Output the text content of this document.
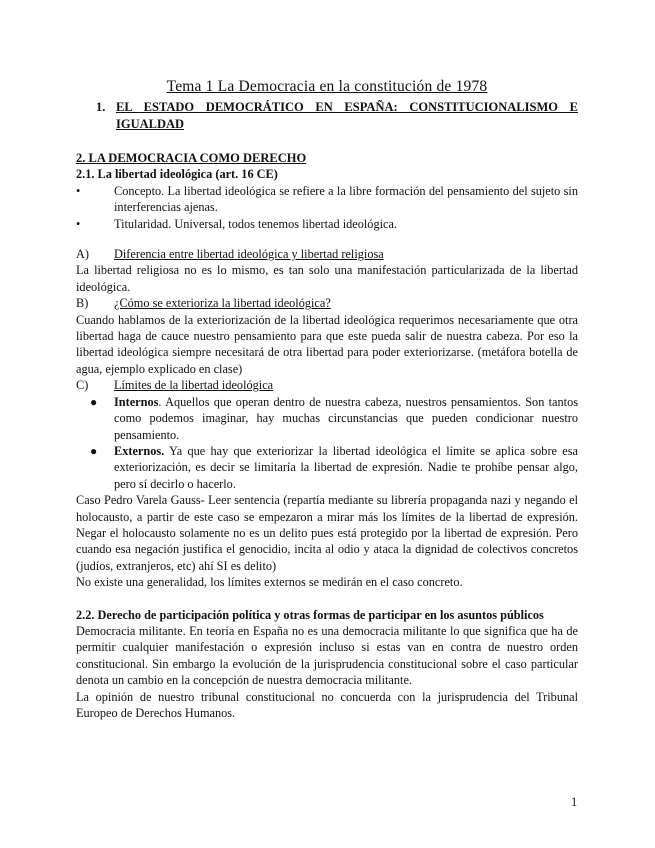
Tema 1 La Democracia en la constitución de 1978
1. EL ESTADO DEMOCRÁTICO EN ESPAÑA: CONSTITUCIONALISMO E IGUALDAD

2. LA DEMOCRACIA COMO DERECHO

2.1. La libertad ideológica (art. 16 CE)

•	Concepto. La libertad ideológica se refiere a la libre formación del pensamiento del sujeto sin interferencias ajenas.

•	Titularidad. Universal, todos tenemos libertad ideológica.

A) Diferencia entre libertad ideológica y libertad religiosa

La libertad religiosa no es lo mismo, es tan solo una manifestación particularizada de la libertad ideológica.

B) ¿Cómo se exterioriza la libertad ideológica?

Cuando hablamos de la exteriorización de la libertad ideológica requerimos necesariamente que otra libertad haga de cauce nuestro pensamiento para que este pueda salir de nuestra cabeza. Por eso la libertad ideológica siempre necesitará de otra libertad para poder exteriorizarse. (metáfora botella de agua, ejemplo explicado en clase)

C) Límites de la libertad ideológica

● Internos. Aquellos que operan dentro de nuestra cabeza, nuestros pensamientos. Son tantos como podemos imaginar, hay muchas circunstancias que pueden condicionar nuestro pensamiento.

● Externos. Ya que hay que exteriorizar la libertad ideológica el límite se aplica sobre esa exteriorización, es decir se limitaría la libertad de expresión. Nadie te prohíbe pensar algo, pero sí decirlo o hacerlo.

Caso Pedro Varela Gauss- Leer sentencia (repartía mediante su librería propaganda nazi y negando el holocausto, a partir de este caso se empezaron a mirar más los límites de la libertad de expresión. Negar el holocausto solamente no es un delito pues está protegido por la libertad de expresión. Pero cuando esa negación justifica el genocidio, incita al odio y ataca la dignidad de colectivos concretos (judíos, extranjeros, etc) ahí SI es delito)

No existe una generalidad, los límites externos se medirán en el caso concreto.

2.2. Derecho de participación política y otras formas de participar en los asuntos públicos

Democracia militante. En teoría en España no es una democracia militante lo que significa que ha de permitir cualquier manifestación o expresión incluso si estas van en contra de nuestro orden constitucional. Sin embargo la evolución de la jurisprudencia constitucional sobre el caso particular denota un cambio en la concepción de nuestra democracia militante.

La opinión de nuestro tribunal constitucional no concuerda con la jurisprudencia del Tribunal Europeo de Derechos Humanos.

1
